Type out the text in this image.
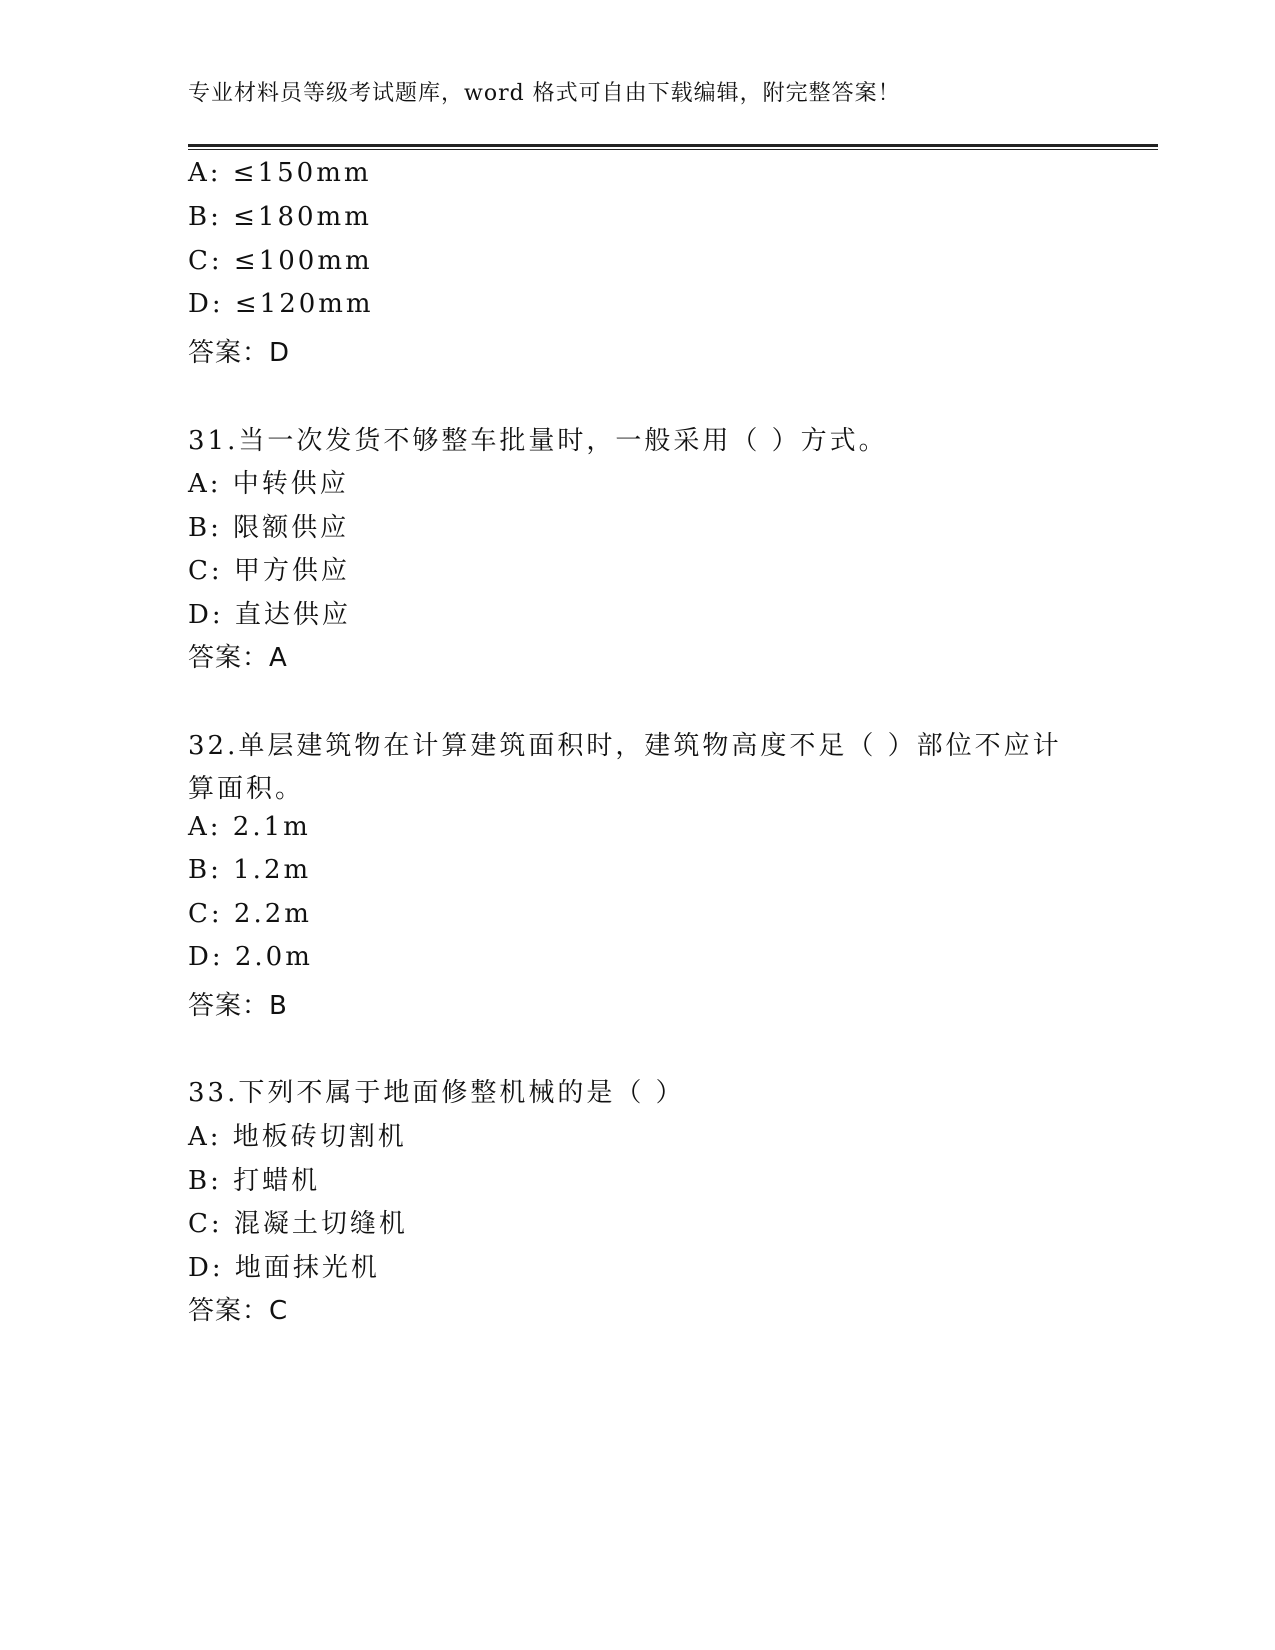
专业材料员等级考试题库，word 格式可自由下载编辑，附完整答案！
A: ≤150mm
B: ≤180mm
C: ≤100mm
D: ≤120mm
答案：D
31.当一次发货不够整车批量时，一般采用（ ）方式。
A: 中转供应
B: 限额供应
C: 甲方供应
D: 直达供应
答案：A
32.单层建筑物在计算建筑面积时，建筑物高度不足（ ）部位不应计
算面积。
A: 2.1m
B: 1.2m
C: 2.2m
D: 2.0m
答案：B
33.下列不属于地面修整机械的是（ ）
A: 地板砖切割机
B: 打蜡机
C: 混凝土切缝机
D: 地面抹光机
答案：C
